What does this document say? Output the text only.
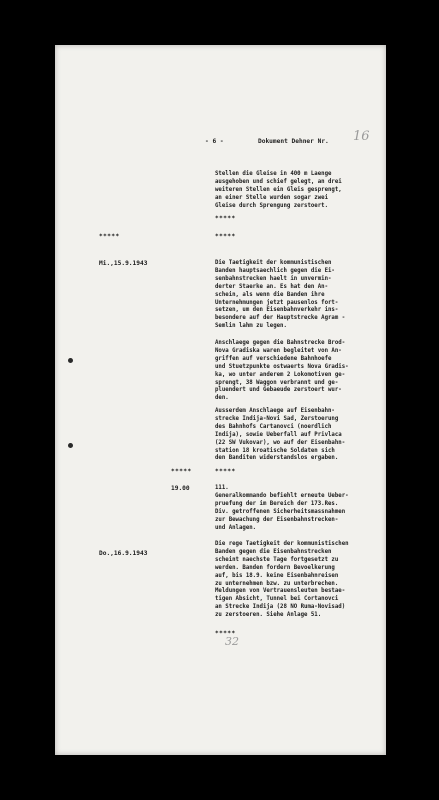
- 6 -	Dokument Dehner Nr. 16
Stellen die Gleise in 400 m Laenge
ausgehoben und schief gelegt, an drei
weiteren Stellen ein Gleis gesprengt,
an einer Stelle wurden sogar zwei
Gleise durch Sprengung zerstoert.
*****
*****	*****
Mi.,15.9.1943	Die Taetigkeit der kommunistischen
Banden hauptsaechlich gegen die Ei-
senbahnstrecken haelt in unvermin-
derter Staerke an. Es hat den An-
schein, als wenn die Banden ihre
Unternehmungen jetzt pausenlos fort-
setzen, um den Eisenbahnverkehr ins-
besondere auf der Hauptstrecke Agram -
Semlin lahm zu legen.
Anschlaege gegen die Bahnstrecke Brod-
Nova Gradiska waren begleitet von An-
griffen auf verschiedene Bahnhoefe
und Stuetzpunkte ostwaerts Nova Gradis-
ka, wo unter anderem 2 Lokomotiven ge-
sprengt, 38 Waggon verbrannt und ge-
pluendert und Gebaeude zerstoert wur-
den.
Ausserdem Anschlaege auf Eisenbahn-
strecke Indija-Novi Sad, Zerstoerung
des Bahnhofs Cartanovci (noerdlich
Indija), sowie Ueberfall auf Privlaca
(22 SW Vukovar), wo auf der Eisenbahn-
station 18 kroatische Soldaten sich
den Banditen widerstandslos ergaben.
*****	*****
19.00	111.
Generalkommando befiehlt erneute Ueber-
pruefung der im Bereich der 173.Res.
Div. getroffenen Sicherheitsmassnahmen
zur Bewachung der Eisenbahnstrecken-
und Anlagen.
Do.,16.9.1943
Die rege Taetigkeit der kommunistischen
Banden gegen die Eisenbahnstrecken
scheint naechste Tage fortgesetzt zu
werden. Banden fordern Bevoelkerung
auf, bis 18.9. keine Eisenbahnreisen
zu unternehmen bzw. zu unterbrechen.
Meldungen von Vertrauensleuten bestae-
tigen Absicht, Tunnel bei Cortanovci
an Strecke Indija (28 NO Ruma-Novisad)
zu zerstoeren. Siehe Anlage 51.
*****
32
